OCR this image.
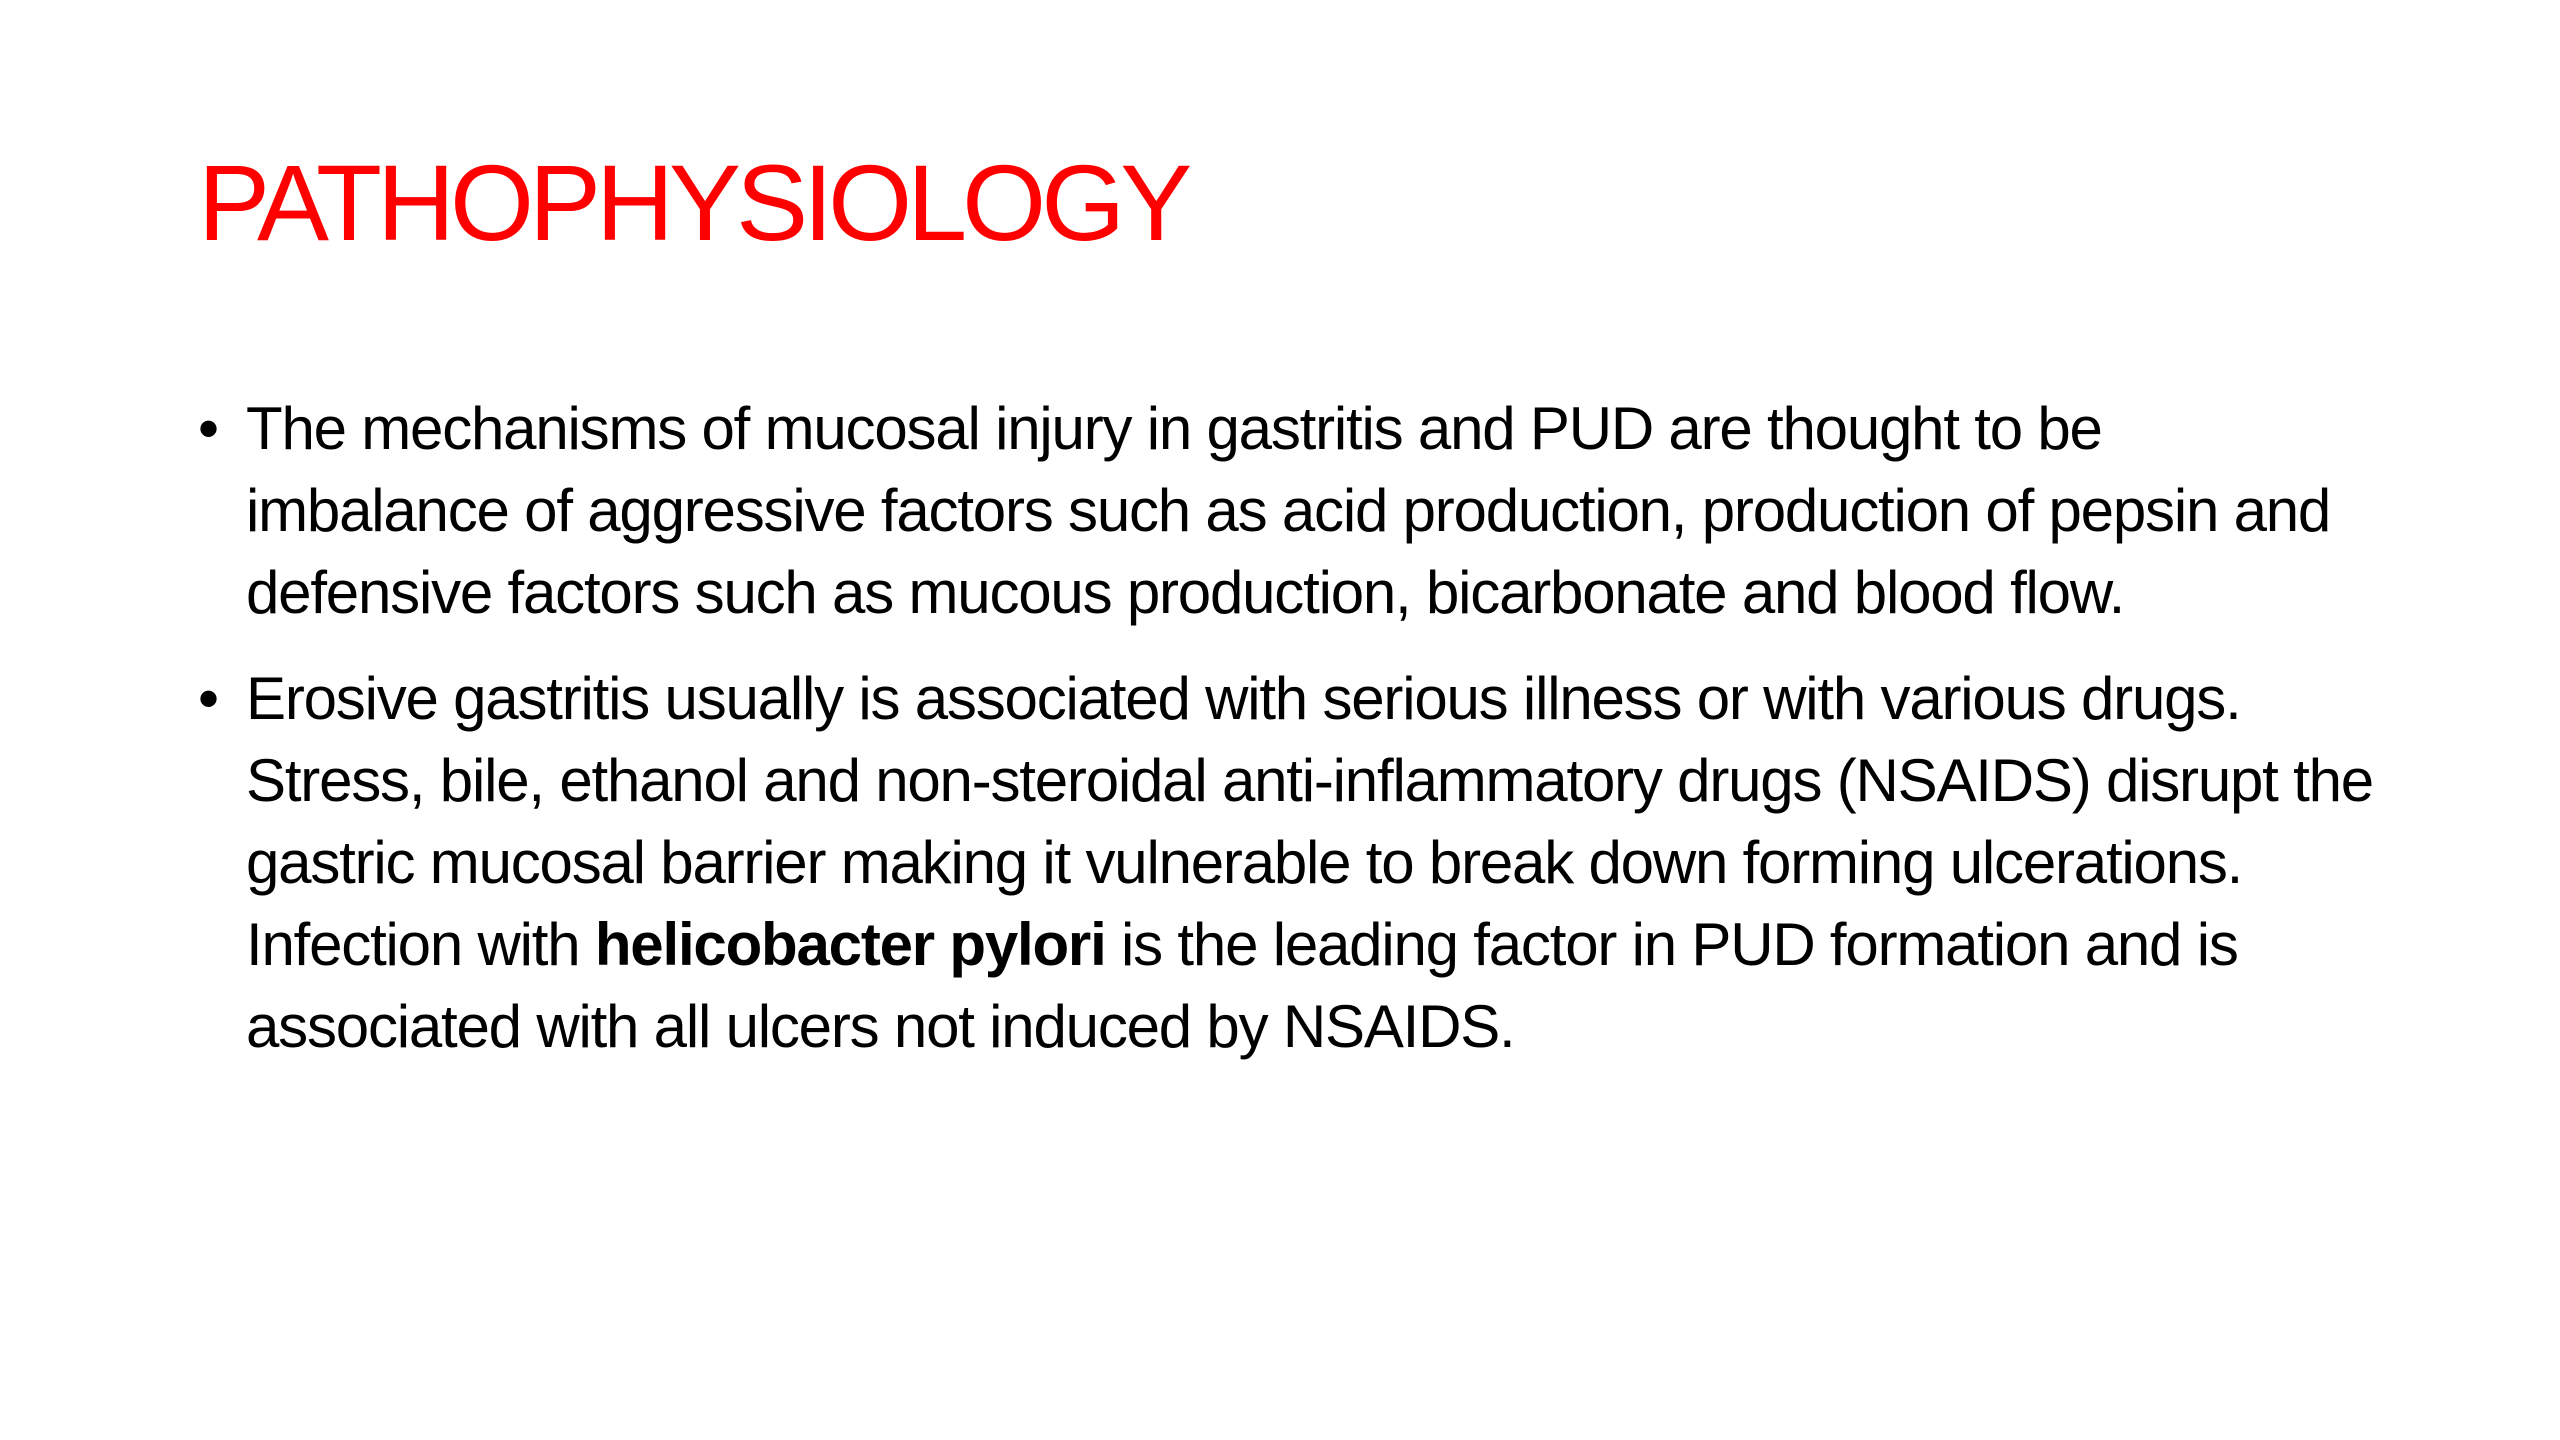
PATHOPHYSIOLOGY
• The mechanisms of mucosal injury in gastritis and PUD are thought to be imbalance of aggressive factors such as acid production, production of pepsin and defensive factors such as mucous production, bicarbonate and blood flow.
• Erosive gastritis usually is associated with serious illness or with various drugs. Stress, bile, ethanol and non-steroidal anti-inflammatory drugs (NSAIDS) disrupt the gastric mucosal barrier making it vulnerable to break down forming ulcerations. Infection with helicobacter pylori is the leading factor in PUD formation and is associated with all ulcers not induced by NSAIDS.
